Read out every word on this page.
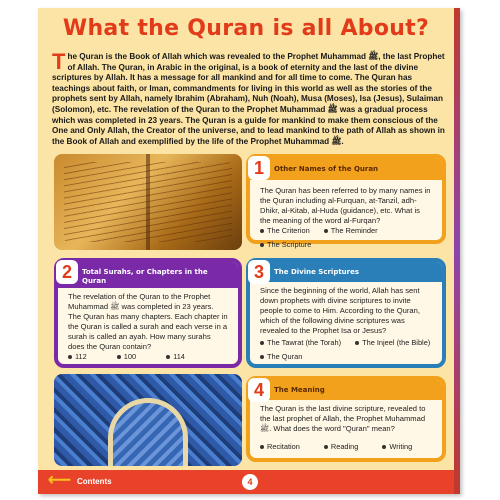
What the Quran is all About?
T he Quran is the Book of Allah which was revealed to the Prophet Muhammad ﷺ, the last Prophet of Allah. The Quran, in Arabic in the original, is a book of eternity and the last of the divine scriptures by Allah. It has a message for all mankind and for all time to come. The Quran has teachings about faith, or Iman, commandments for living in this world as well as the stories of the prophets sent by Allah, namely Ibrahim (Abraham), Nuh (Noah), Musa (Moses), Isa (Jesus), Sulaiman (Solomon), etc. The revelation of the Quran to the Prophet Muhammad ﷺ was a gradual process which was completed in 23 years. The Quran is a guide for mankind to make them conscious of the One and Only Allah, the Creator of the universe, and to lead mankind to the path of Allah as shown in the Book of Allah and exemplified by the life of the Prophet Muhammad ﷺ.
1	Other Names of the Quran
The Quran has been referred to by many names in the Quran including al-Furquan, at-Tanzil, adh-Dhikr, al-Kitab, al-Huda (guidance), etc. What is the meaning of the word al-Furqan?
The Criterion	The Reminder
The Scripture
2	Total Surahs, or Chapters in the Quran
The revelation of the Quran to the Prophet Muhammad ﷺ was completed in 23 years. The Quran has many chapters. Each chapter in the Quran is called a surah and each verse in a surah is called an ayah. How many surahs does the Quran contain?
112	100	114
3	The Divine Scriptures
Since the beginning of the world, Allah has sent down prophets with divine scriptures to invite people to come to Him. According to the Quran, which of the following divine scriptures was revealed to the Prophet Isa or Jesus?
The Tawrat (the Torah)	The Injeel (the Bible)
The Quran
4	The Meaning
The Quran is the last divine scripture, revealed to the last prophet of Allah, the Prophet Muhammad ﷺ. What does the word "Quran" mean?
Recitation	Reading	Writing
⟵ Contents	4
